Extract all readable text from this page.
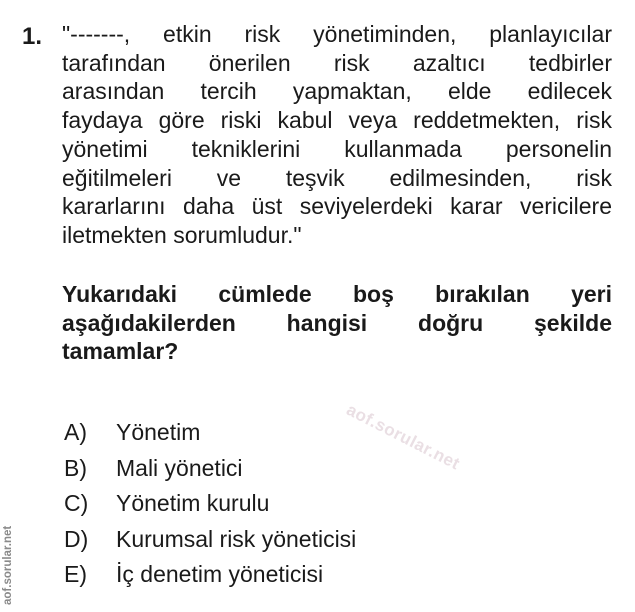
1. "-------, etkin risk yönetiminden, planlayıcılar
tarafından önerilen risk azaltıcı tedbirler
arasından tercih yapmaktan, elde edilecek
faydaya göre riski kabul veya reddetmekten, risk
yönetimi tekniklerini kullanmada personelin
eğitilmeleri ve teşvik edilmesinden, risk
kararlarını daha üst seviyelerdeki karar vericilere
iletmekten sorumludur."
Yukarıdaki cümlede boş bırakılan yeri
aşağıdakilerden hangisi doğru şekilde
tamamlar?
A)	Yönetim
B)	Mali yönetici
C)	Yönetim kurulu
D)	Kurumsal risk yöneticisi
E)	İç denetim yöneticisi
aof.sorular.net
aof.sorular.net
